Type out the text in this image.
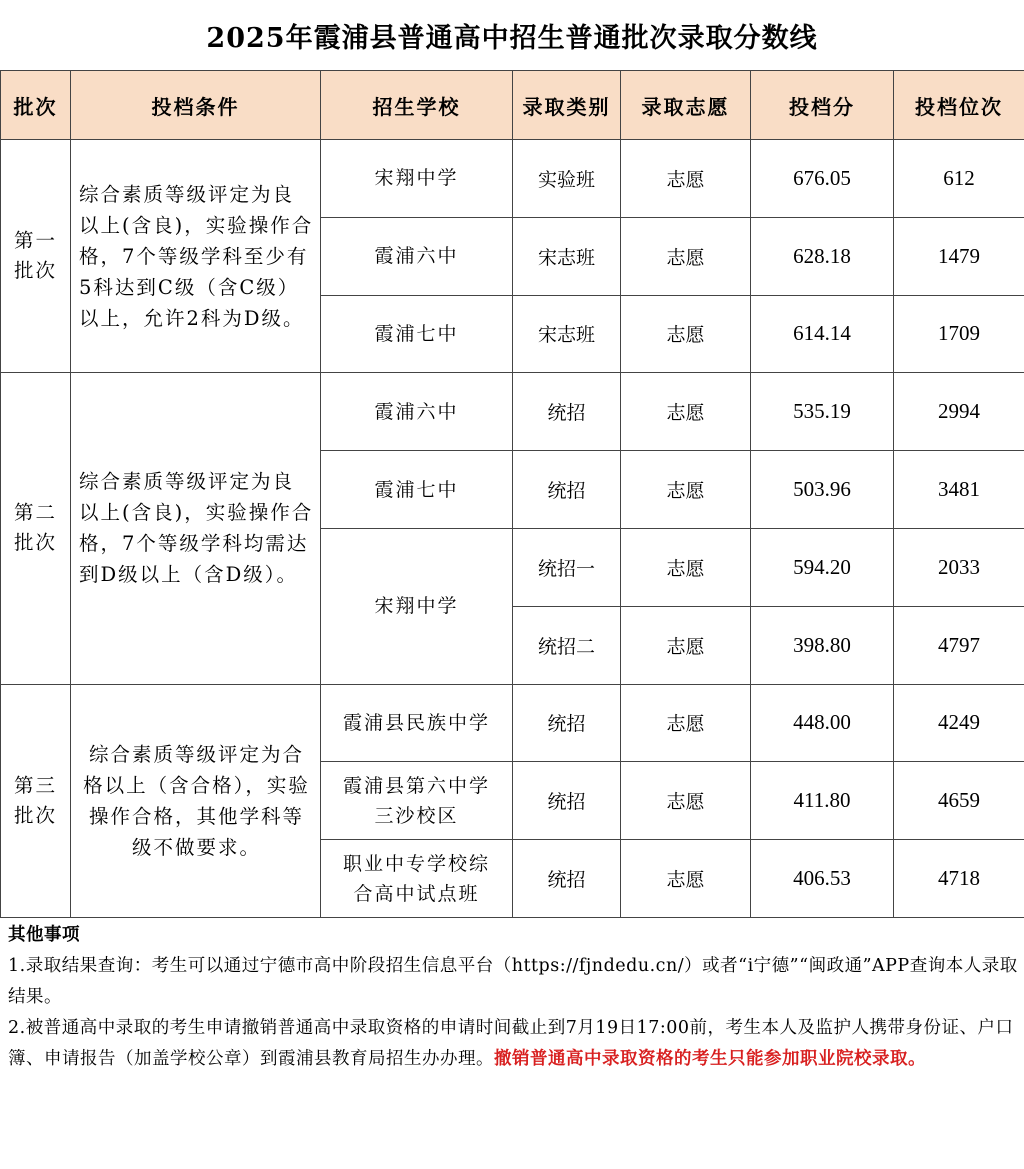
2025年霞浦县普通高中招生普通批次录取分数线
批次	投档条件	招生学校	录取类别	录取志愿	投档分	投档位次
第一批次	综合素质等级评定为良以上(含良)，实验操作合格，7个等级学科至少有5科达到C级（含C级）以上，允许2科为D级。	宋翔中学	实验班	志愿	676.05	612
		霞浦六中	宋志班	志愿	628.18	1479
		霞浦七中	宋志班	志愿	614.14	1709
第二批次	综合素质等级评定为良以上(含良)，实验操作合格，7个等级学科均需达到D级以上（含D级）。	霞浦六中	统招	志愿	535.19	2994
		霞浦七中	统招	志愿	503.96	3481
		宋翔中学	统招一	志愿	594.20	2033
			统招二	志愿	398.80	4797
第三批次	综合素质等级评定为合格以上（含合格），实验操作合格，其他学科等级不做要求。	霞浦县民族中学	统招	志愿	448.00	4249
		霞浦县第六中学三沙校区	统招	志愿	411.80	4659
		职业中专学校综合高中试点班	统招	志愿	406.53	4718
其他事项
1.录取结果查询：考生可以通过宁德市高中阶段招生信息平台（https://fjndedu.cn/）或者“i宁德”“闽政通”APP查询本人录取结果。
2.被普通高中录取的考生申请撤销普通高中录取资格的申请时间截止到7月19日17:00前，考生本人及监护人携带身份证、户口簿、申请报告（加盖学校公章）到霞浦县教育局招生办办理。撤销普通高中录取资格的考生只能参加职业院校录取。
